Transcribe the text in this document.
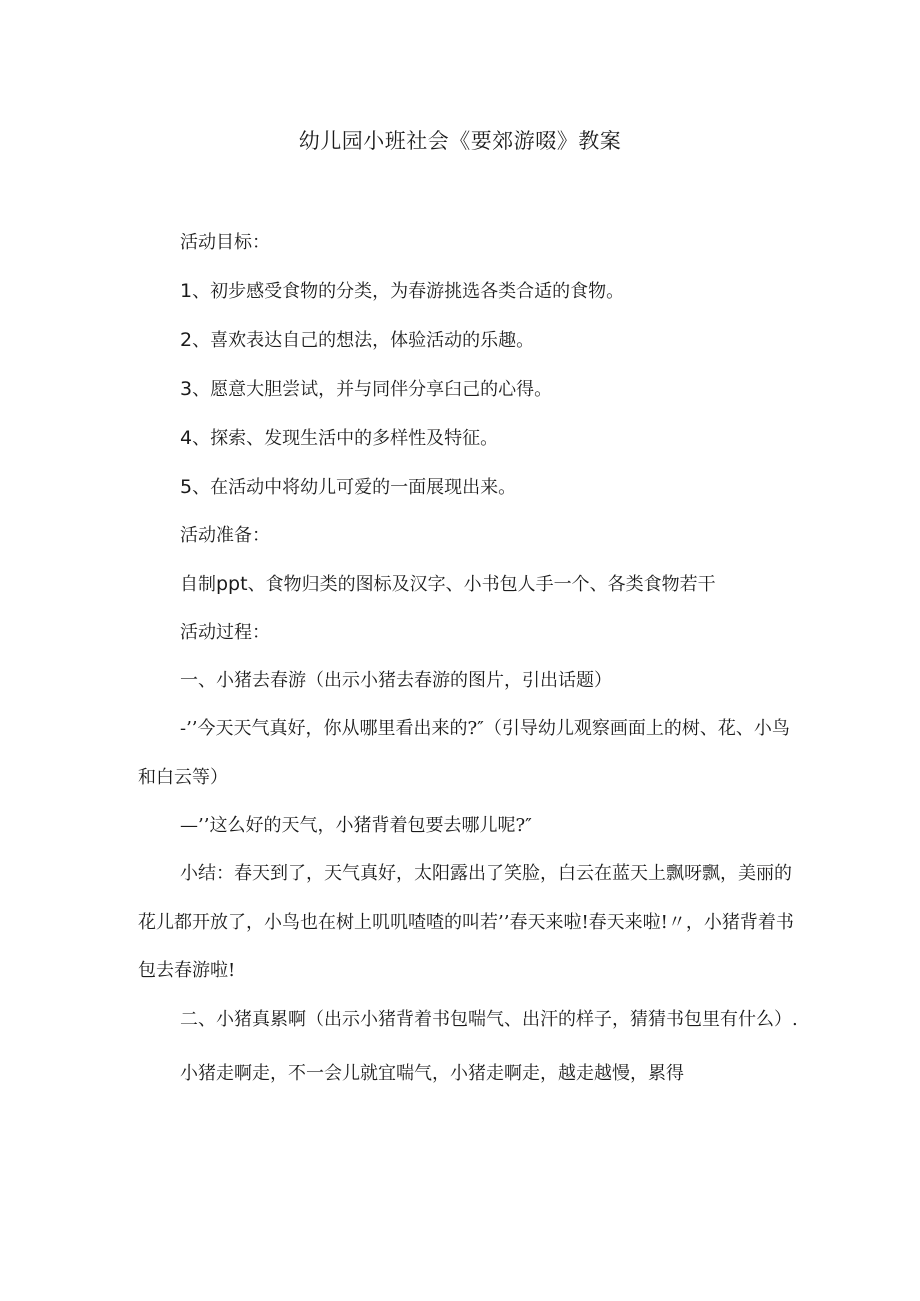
幼儿园小班社会《要郊游啜》教案

活动目标：

1、初步感受食物的分类，为春游挑选各类合适的食物。

2、喜欢表达自己的想法，体验活动的乐趣。

3、愿意大胆尝试，并与同伴分享臼己的心得。

4、探索、发现生活中的多样性及特征。

5、在活动中将幼儿可爱的一面展现出来。

活动准备：

自制ppt、食物归类的图标及汉字、小书包人手一个、各类食物若干

活动过程：

一、小猪去春游（出示小猪去春游的图片，引出话题）

-’’今天天气真好，你从哪里看出来的?″（引导幼儿观察画面上的树、花、小鸟和白云等）

—’’这么好的天气，小猪背着包要去哪儿呢?″

小结：春天到了，天气真好，太阳露出了笑脸，白云在蓝天上飘呀飘，美丽的花儿都开放了，小鸟也在树上叽叽喳喳的叫若’’春天来啦!春天来啦!〃，小猪背着书包去春游啦!

二、小猪真累啊（出示小猪背着书包喘气、出汗的样子，猜猜书包里有什么）.

小猪走啊走，不一会儿就宜喘气，小猪走啊走，越走越慢，累得
